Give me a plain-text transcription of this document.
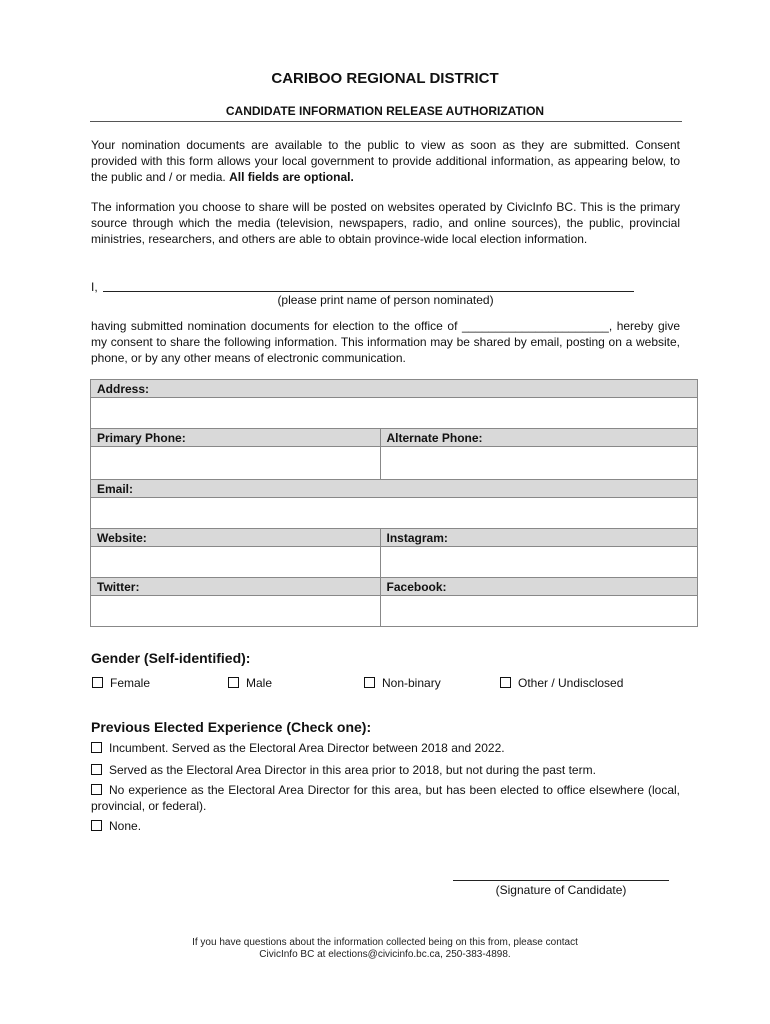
CARIBOO REGIONAL DISTRICT
CANDIDATE INFORMATION RELEASE AUTHORIZATION
Your nomination documents are available to the public to view as soon as they are submitted. Consent provided with this form allows your local government to provide additional information, as appearing below, to the public and / or media. All fields are optional.
The information you choose to share will be posted on websites operated by CivicInfo BC. This is the primary source through which the media (television, newspapers, radio, and online sources), the public, provincial ministries, researchers, and others are able to obtain province-wide local election information.
I,
(please print name of person nominated)
having submitted nomination documents for election to the office of ______________________, hereby give my consent to share the following information. This information may be shared by email, posting on a website, phone, or by any other means of electronic communication.
Address:	

Primary Phone:	Alternate Phone:

Email:	

Website:	Instagram:

Twitter:	Facebook:

Gender (Self-identified):
Female	Male	Non-binary	Other / Undisclosed
Previous Elected Experience (Check one):
Incumbent. Served as the Electoral Area Director between 2018 and 2022.
Served as the Electoral Area Director in this area prior to 2018, but not during the past term.
No experience as the Electoral Area Director for this area, but has been elected to office elsewhere (local, provincial, or federal).
None.
(Signature of Candidate)
If you have questions about the information collected being on this from, please contact
CivicInfo BC at elections@civicinfo.bc.ca, 250-383-4898.
